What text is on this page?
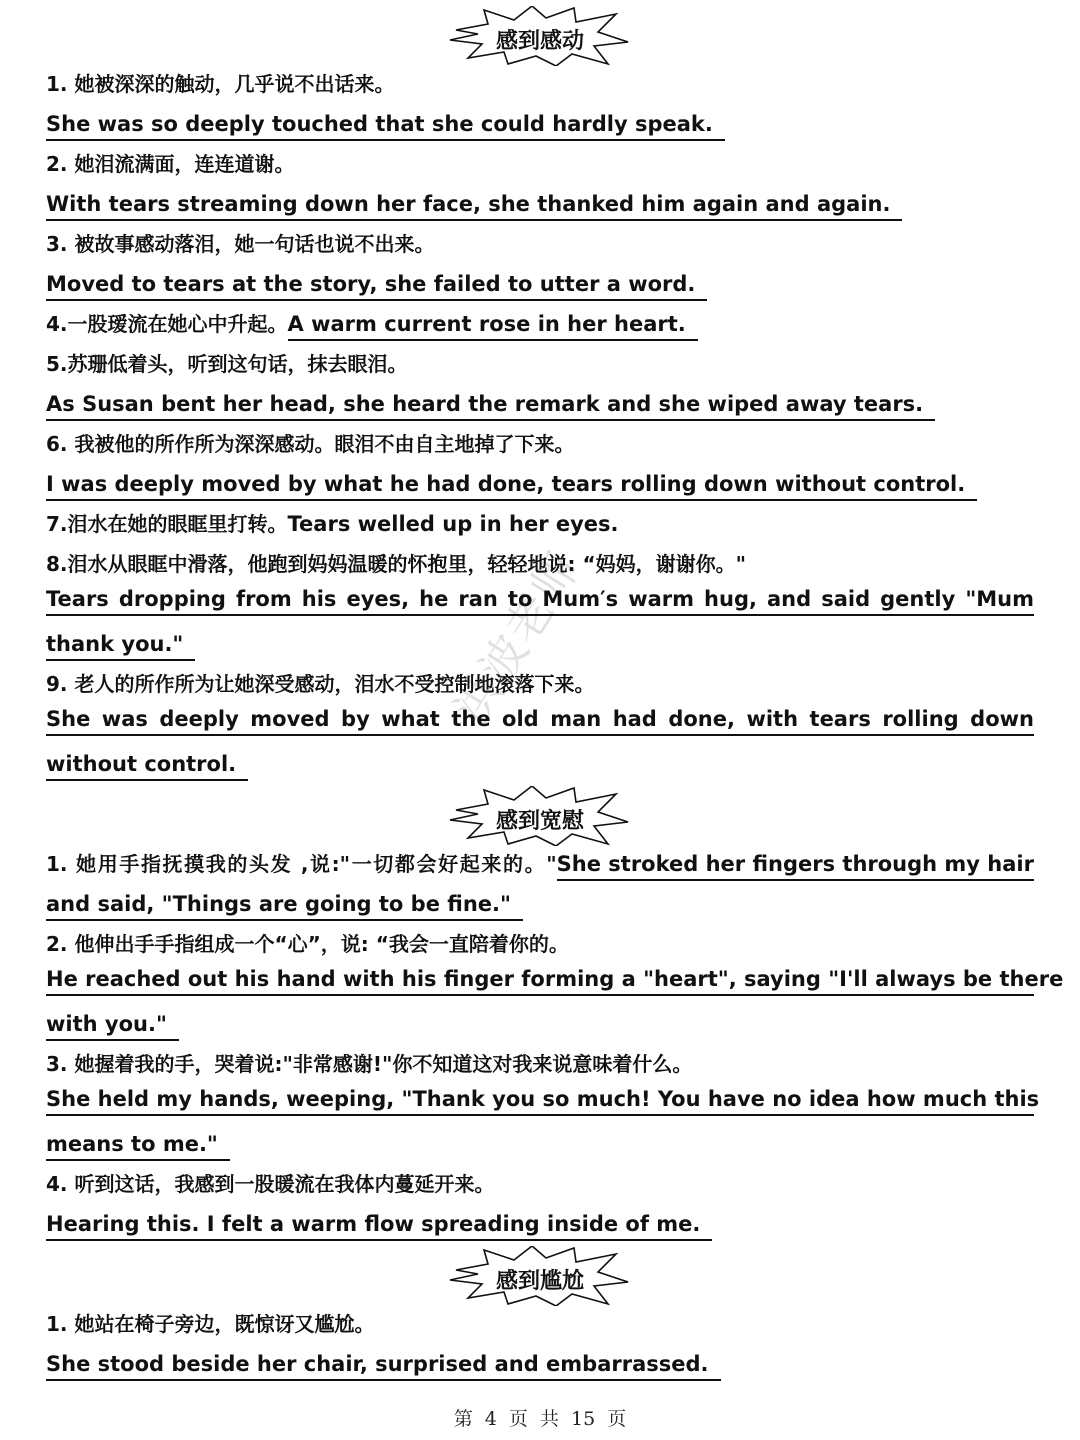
洪波老师
感到感动
1. 她被深深的触动，几乎说不出话来。
She was so deeply touched that she could hardly speak.
2. 她泪流满面，连连道谢。
With tears streaming down her face, she thanked him again and again.
3. 被故事感动落泪，她一句话也说不出来。
Moved to tears at the story, she failed to utter a word.
4.一股瑷流在她心中升起。A warm current rose in her heart.
5.苏珊低着头，听到这句话，抹去眼泪。
As Susan bent her head, she heard the remark and she wiped away tears.
6. 我被他的所作所为深深感动。眼泪不由自主地掉了下来。
I was deeply moved by what he had done, tears rolling down without control.
7.泪水在她的眼眶里打转。Tears welled up in her eyes.
8.泪水从眼眶中滑落，他跑到妈妈温暖的怀抱里，轻轻地说: “妈妈，谢谢你。"
Tears dropping from his eyes, he ran to Mum′s warm hug, and said gently "Mum
thank you."
9. 老人的所作所为让她深受感动，泪水不受控制地滚落下来。
She was deeply moved by what the old man had done, with tears rolling down
without control.
感到宽慰
1. 她用手指抚摸我的头发 ,说:"一切都会好起来的。"She stroked her fingers through my hair
and said, "Things are going to be fine."
2. 他伸出手手指组成一个“心”，说: “我会一直陪着你的。
He reached out his hand with his finger forming a "heart", saying "I'll always be there
with you."
3. 她握着我的手，哭着说:"非常感谢!"你不知道这对我来说意味着什么。
She held my hands, weeping, "Thank you so much! You have no idea how much this
means to me."
4. 听到这话，我感到一股暖流在我体内蔓延开来。
Hearing this. I felt a warm flow spreading inside of me.
感到尴尬
1. 她站在椅子旁边，既惊讶又尴尬。
She stood beside her chair, surprised and embarrassed.
第 4 页 共 15 页
